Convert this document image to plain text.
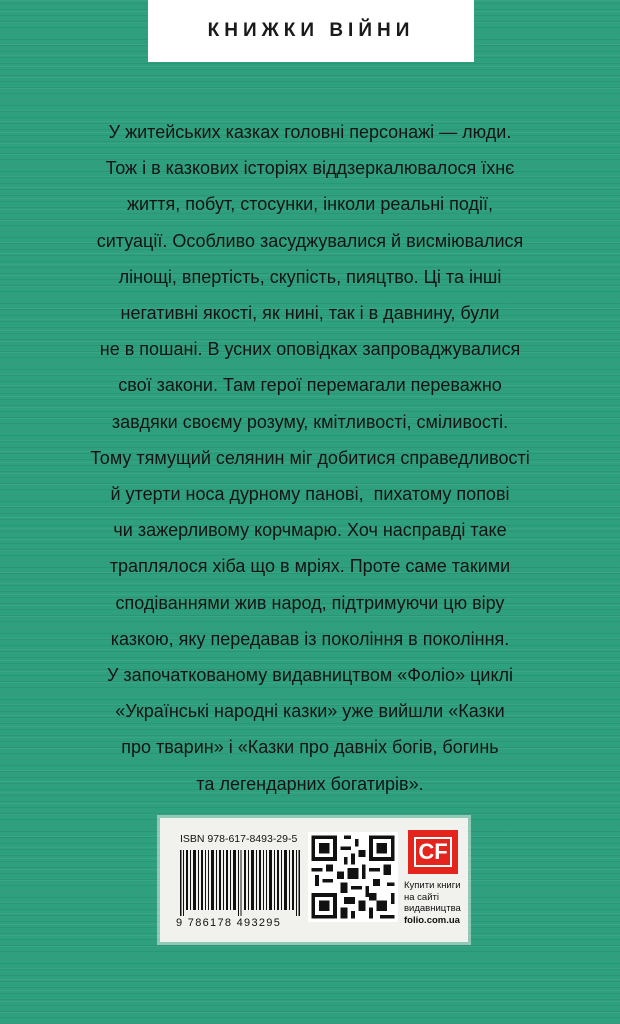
КНИЖКИ ВІЙНИ
У житейських казках головні персонажі — люди.
Тож і в казкових історіях віддзеркалювалося їхнє
життя, побут, стосунки, інколи реальні події,
ситуації. Особливо засуджувалися й висміювалися
лінощі, впертість, скупість, пияцтво. Ці та інші
негативні якості, як нині, так і в давнину, були
не в пошані. В усних оповідках запроваджувалися
свої закони. Там герої перемагали переважно
завдяки своєму розуму, кмітливості, сміливості.
Тому тямущий селянин міг добитися справедливості
й утерти носа дурному панові,  пихатому попові
чи зажерливому корчмарю. Хоч насправді таке
траплялося хіба що в мріях. Проте саме такими
сподіваннями жив народ, підтримуючи цю віру
казкою, яку передавав із покоління в покоління.
У започаткованому видавництвом «Фоліо» циклі
«Українські народні казки» уже вийшли «Казки
про тварин» і «Казки про давніх богів, богинь
та легендарних богатирів».
ISBN 978-617-8493-29-5
9 786178 493295
CF
Купити книги
на сайті
видавництва
folio.com.ua
